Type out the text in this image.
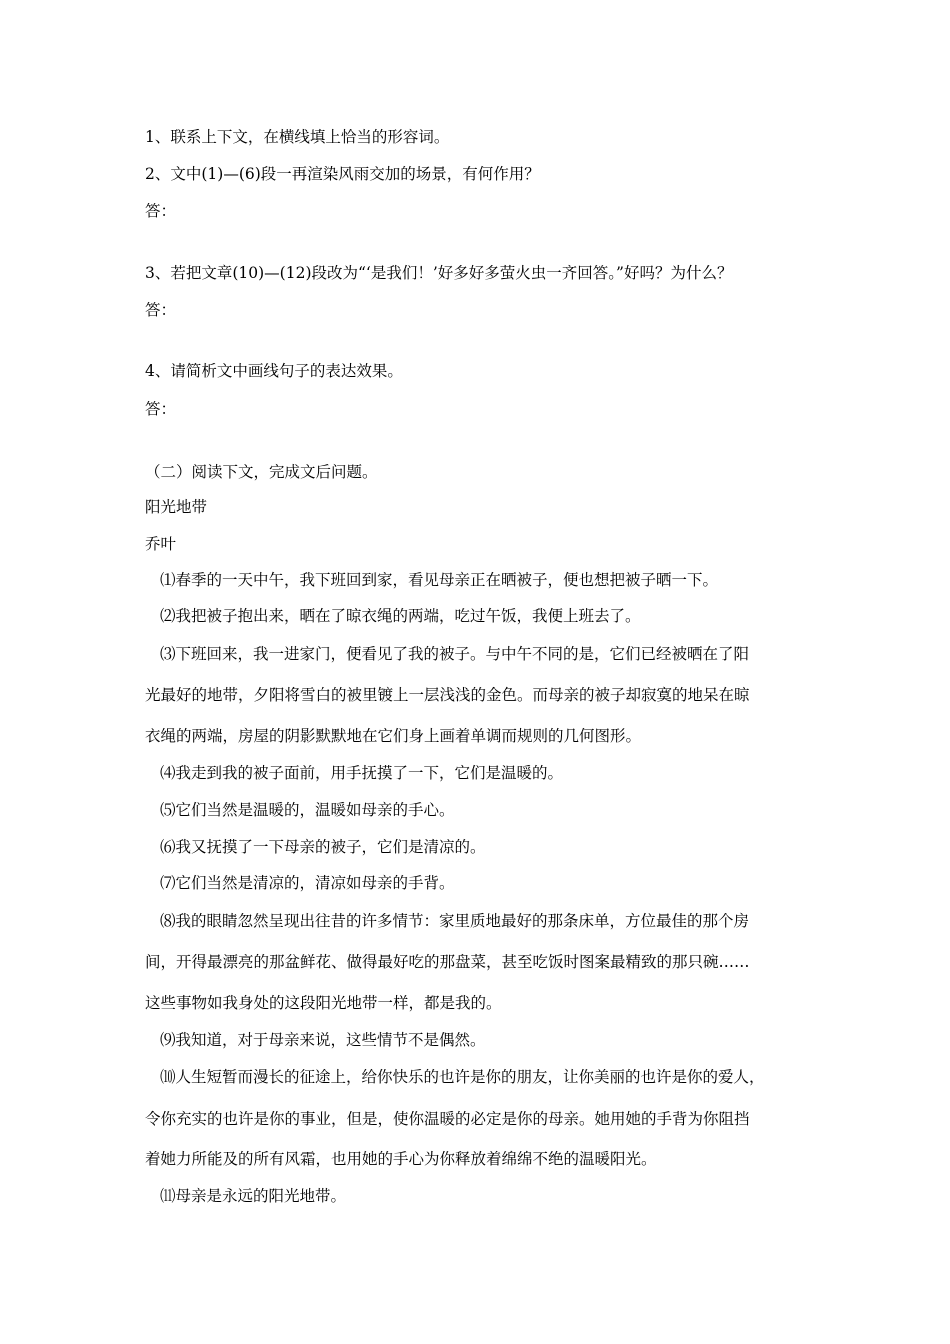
1、联系上下文，在横线填上恰当的形容词。

2、文中(1)—(6)段一再渲染风雨交加的场景，有何作用？

答：

3、若把文章(10)—(12)段改为“‘是我们！’好多好多萤火虫一齐回答。”好吗？为什么？

答：

4、请简析文中画线句子的表达效果。

答：

（二）阅读下文，完成文后问题。

阳光地带

乔叶

⑴春季的一天中午，我下班回到家，看见母亲正在晒被子，便也想把被子晒一下。

⑵我把被子抱出来，晒在了晾衣绳的两端，吃过午饭，我便上班去了。

⑶下班回来，我一进家门，便看见了我的被子。与中午不同的是，它们已经被晒在了阳

光最好的地带，夕阳将雪白的被里镀上一层浅浅的金色。而母亲的被子却寂寞的地呆在晾

衣绳的两端，房屋的阴影默默地在它们身上画着单调而规则的几何图形。

⑷我走到我的被子面前，用手抚摸了一下，它们是温暖的。

⑸它们当然是温暖的，温暖如母亲的手心。

⑹我又抚摸了一下母亲的被子，它们是清凉的。

⑺它们当然是清凉的，清凉如母亲的手背。

⑻我的眼睛忽然呈现出往昔的许多情节：家里质地最好的那条床单，方位最佳的那个房

间，开得最漂亮的那盆鲜花、做得最好吃的那盘菜，甚至吃饭时图案最精致的那只碗……

这些事物如我身处的这段阳光地带一样，都是我的。

⑼我知道，对于母亲来说，这些情节不是偶然。

⑽人生短暂而漫长的征途上，给你快乐的也许是你的朋友，让你美丽的也许是你的爱人，

令你充实的也许是你的事业，但是，使你温暖的必定是你的母亲。她用她的手背为你阻挡

着她力所能及的所有风霜，也用她的手心为你释放着绵绵不绝的温暖阳光。

⑾母亲是永远的阳光地带。
